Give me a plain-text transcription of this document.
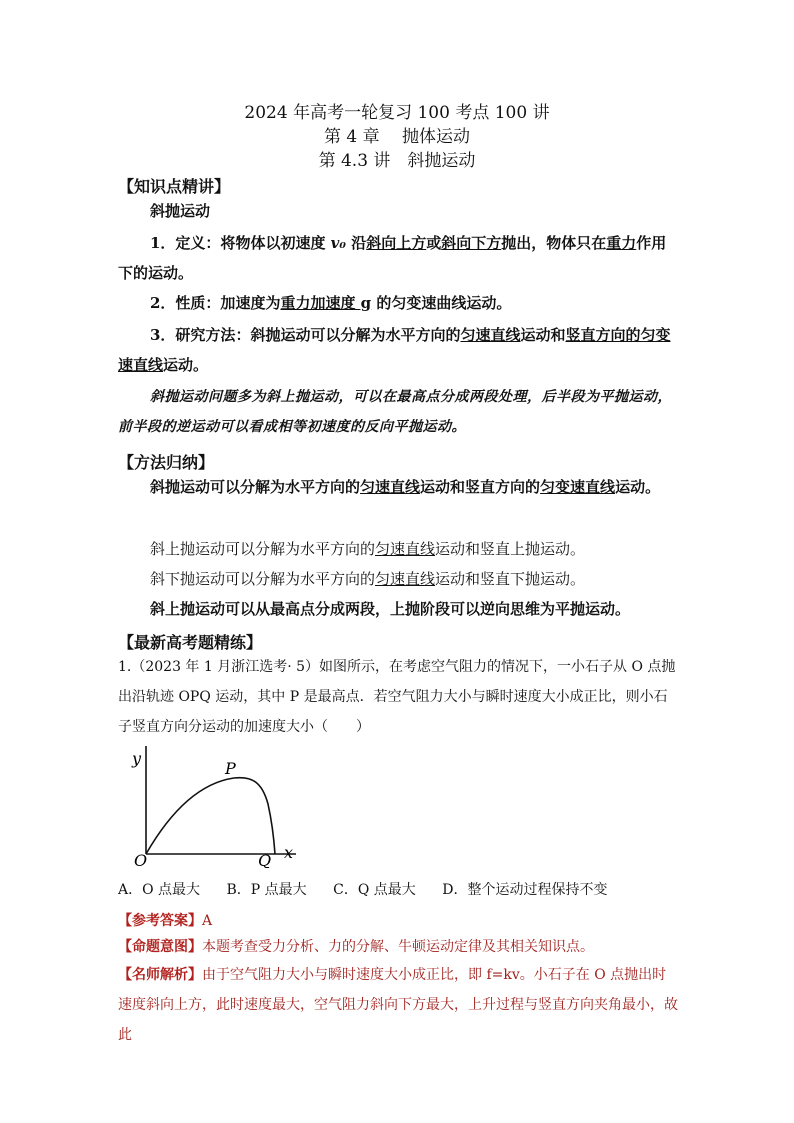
2024 年高考一轮复习 100 考点 100 讲
第 4 章　 抛体运动
第 4.3 讲　斜抛运动
【知识点精讲】
斜抛运动
1．定义：将物体以初速度 v₀ 沿斜向上方或斜向下方抛出，物体只在重力作用下的运动。
2．性质：加速度为重力加速度 g 的匀变速曲线运动。
3．研究方法：斜抛运动可以分解为水平方向的匀速直线运动和竖直方向的匀变速直线运动。
斜抛运动问题多为斜上抛运动，可以在最高点分成两段处理，后半段为平抛运动，前半段的逆运动可以看成相等初速度的反向平抛运动。
【方法归纳】
斜抛运动可以分解为水平方向的匀速直线运动和竖直方向的匀变速直线运动。
斜上抛运动可以分解为水平方向的匀速直线运动和竖直上抛运动。
斜下抛运动可以分解为水平方向的匀速直线运动和竖直下抛运动。
斜上抛运动可以从最高点分成两段，上抛阶段可以逆向思维为平抛运动。
【最新高考题精练】
1.（2023 年 1 月浙江选考· 5）如图所示，在考虑空气阻力的情况下，一小石子从 O 点抛出沿轨迹 OPQ 运动，其中 P 是最高点．若空气阻力大小与瞬时速度大小成正比，则小石子竖直方向分运动的加速度大小（　　）
y
x
O
P
Q
A．O 点最大 B．P 点最大 C．Q 点最大 D．整个运动过程保持不变
【参考答案】A
【命题意图】本题考查受力分析、力的分解、牛顿运动定律及其相关知识点。
【名师解析】由于空气阻力大小与瞬时速度大小成正比，即 f=kv。小石子在 O 点抛出时速度斜向上方，此时速度最大，空气阻力斜向下方最大，上升过程与竖直方向夹角最小，故此
